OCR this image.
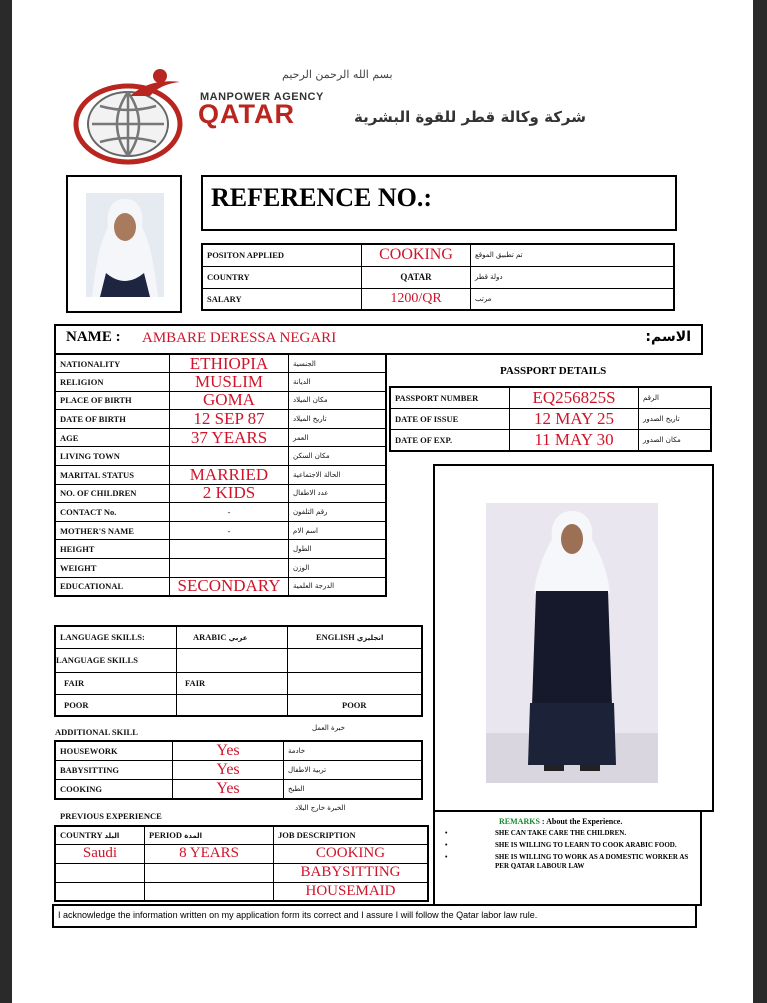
بسم الله الرحمن الرحيم
MANPOWER AGENCY
QATAR	شركة وكالة قطر للقوة البشرية
REFERENCE NO.:
POSITON APPLIED	COOKING	تم تطبيق الموقع
COUNTRY	QATAR	دولة قطر
SALARY	1200/QR	مرتب
NAME : AMBARE DERESSA NEGARI	الاسم:
NATIONALITY	ETHIOPIA	الجنسية
RELIGION	MUSLIM	الديانة
PLACE OF BIRTH	GOMA	مكان الميلاد
DATE OF BIRTH	12 SEP 87	تاريخ الميلاد
AGE	37 YEARS	العمر
LIVING TOWN		مكان السكن
MARITAL STATUS	MARRIED	الحالة الاجتماعية
NO. OF CHILDREN	2 KIDS	عدد الاطفال
CONTACT No.	-	رقم التلفون
MOTHER'S NAME	-	اسم الام
HEIGHT		الطول
WEIGHT		الوزن
EDUCATIONAL	SECONDARY	الدرجة العلمية
PASSPORT DETAILS
PASSPORT NUMBER	EQ256825S	الرقم
DATE OF ISSUE	12 MAY 25	تاريخ الصدور
DATE OF EXP.	11 MAY 30	مكان الصدور
LANGUAGE SKILLS:	ARABIC عربي	ENGLISH انجليزي
LANGUAGE SKILLS		
FAIR	FAIR	
POOR		POOR
ADDITIONAL SKILL	خبرة العمل
HOUSEWORK	Yes	خادمة
BABYSITTING	Yes	تربية الاطفال
COOKING	Yes	الطبخ
PREVIOUS EXPERIENCE
الخبرة خارج البلاد
COUNTRY البلد	PERIOD المدة	JOB DESCRIPTION
Saudi	8 YEARS	COOKING
		BABYSITTING
		HOUSEMAID
REMARKS : About the Experience.
•	SHE CAN TAKE CARE THE CHILDREN.
•	SHE IS WILLING TO LEARN TO COOK ARABIC FOOD.
•	SHE IS WILLING TO WORK AS A DOMESTIC WORKER AS PER QATAR LABOUR LAW
I acknowledge the information written on my application form its correct and I assure I will follow the Qatar labor law rule.
